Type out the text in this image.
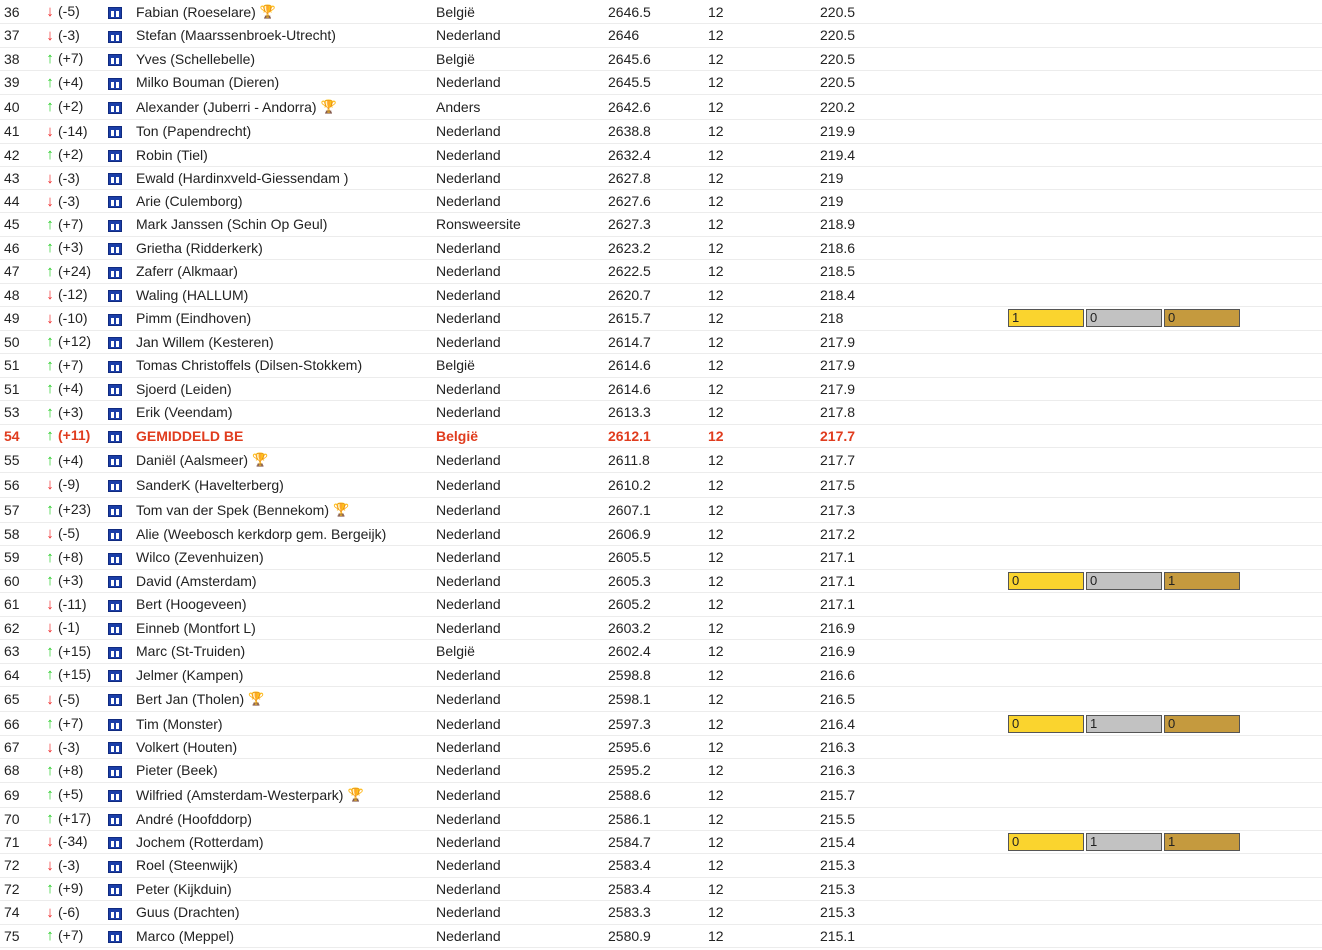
36	↓ (-5)		Fabian (Roeselare) 🏆	België	2646.5	12	220.5			
37	↓ (-3)		Stefan (Maarssenbroek-Utrecht)	Nederland	2646	12	220.5			
38	↑ (+7)		Yves (Schellebelle)	België	2645.6	12	220.5			
39	↑ (+4)		Milko Bouman (Dieren)	Nederland	2645.5	12	220.5			
40	↑ (+2)		Alexander (Juberri - Andorra) 🏆	Anders	2642.6	12	220.2			
41	↓ (-14)		Ton (Papendrecht)	Nederland	2638.8	12	219.9			
42	↑ (+2)		Robin (Tiel)	Nederland	2632.4	12	219.4			
43	↓ (-3)		Ewald (Hardinxveld-Giessendam )	Nederland	2627.8	12	219			
44	↓ (-3)		Arie (Culemborg)	Nederland	2627.6	12	219			
45	↑ (+7)		Mark Janssen (Schin Op Geul)	Ronsweersite	2627.3	12	218.9			
46	↑ (+3)		Grietha (Ridderkerk)	Nederland	2623.2	12	218.6			
47	↑ (+24)		Zaferr (Alkmaar)	Nederland	2622.5	12	218.5			
48	↓ (-12)		Waling (HALLUM)	Nederland	2620.7	12	218.4			
49	↓ (-10)		Pimm (Eindhoven)	Nederland	2615.7	12	218			1 0 0

50	↑ (+12)		Jan Willem (Kesteren)	Nederland	2614.7	12	217.9			
51	↑ (+7)		Tomas Christoffels (Dilsen-Stokkem)	België	2614.6	12	217.9			
51	↑ (+4)		Sjoerd (Leiden)	Nederland	2614.6	12	217.9			
53	↑ (+3)		Erik (Veendam)	Nederland	2613.3	12	217.8			
54	↑ (+11)		GEMIDDELD BE	België	2612.1	12	217.7			
55	↑ (+4)		Daniël (Aalsmeer) 🏆	Nederland	2611.8	12	217.7			
56	↓ (-9)		SanderK (Havelterberg)	Nederland	2610.2	12	217.5			
57	↑ (+23)		Tom van der Spek (Bennekom) 🏆	Nederland	2607.1	12	217.3			
58	↓ (-5)		Alie (Weebosch kerkdorp gem. Bergeijk)	Nederland	2606.9	12	217.2			
59	↑ (+8)		Wilco (Zevenhuizen)	Nederland	2605.5	12	217.1			
60	↑ (+3)		David (Amsterdam)	Nederland	2605.3	12	217.1			0 0 1

61	↓ (-11)		Bert (Hoogeveen)	Nederland	2605.2	12	217.1			
62	↓ (-1)		Einneb (Montfort L)	Nederland	2603.2	12	216.9			
63	↑ (+15)		Marc (St-Truiden)	België	2602.4	12	216.9			
64	↑ (+15)		Jelmer (Kampen)	Nederland	2598.8	12	216.6			
65	↓ (-5)		Bert Jan (Tholen) 🏆	Nederland	2598.1	12	216.5			
66	↑ (+7)		Tim (Monster)	Nederland	2597.3	12	216.4			0 1 0

67	↓ (-3)		Volkert (Houten)	Nederland	2595.6	12	216.3			
68	↑ (+8)		Pieter (Beek)	Nederland	2595.2	12	216.3			
69	↑ (+5)		Wilfried (Amsterdam-Westerpark) 🏆	Nederland	2588.6	12	215.7			
70	↑ (+17)		André (Hoofddorp)	Nederland	2586.1	12	215.5			
71	↓ (-34)		Jochem (Rotterdam)	Nederland	2584.7	12	215.4			0 1 1

72	↓ (-3)		Roel (Steenwijk)	Nederland	2583.4	12	215.3			
72	↑ (+9)		Peter (Kijkduin)	Nederland	2583.4	12	215.3			
74	↓ (-6)		Guus (Drachten)	Nederland	2583.3	12	215.3			
75	↑ (+7)		Marco (Meppel)	Nederland	2580.9	12	215.1			
